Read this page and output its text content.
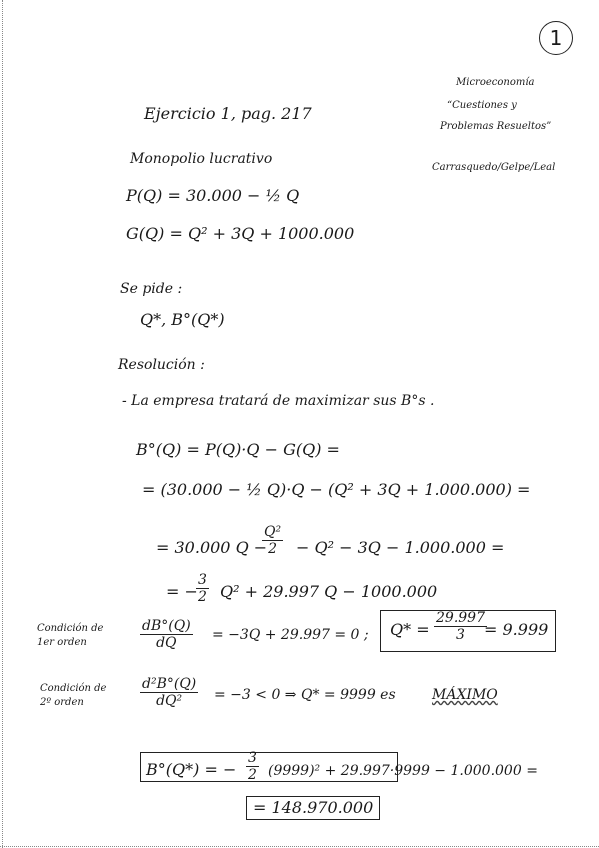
1
Microeconomía
“Cuestiones y
Problemas Resueltos”
Carrasquedo/Gelpe/Leal
Ejercicio 1, pag. 217
Monopolio lucrativo
P(Q) = 30.000 − ½ Q
G(Q) = Q² + 3Q + 1000.000
Se pide :
Q*, B°(Q*)
Resolución :
- La empresa tratará de maximizar sus B°s .
B°(Q) = P(Q)·Q − G(Q) =
= (30.000 − ½ Q)·Q − (Q² + 3Q + 1.000.000) =
= 30.000 Q −
$\frac{\text{Q²}}{2} - Q^2 - 3Q - 1.000.000$ =
= −
$\frac{3}{2} Q^2 + 29.997$ Q − 1000.000
Condición de
1er orden	$\frac{dB^\circ(Q)}{dQ} = -3Q + 29.997 = 0$ ; $Q* = \frac{29.997}{3}$
= 9.999
Condición de
2º orden	$\frac{\text{d²B°(Q)}}{\text{dQ²}} = -3 < 0$ ⇒ Q* = 9999 es	MÁXIMO
B°(Q*) = − $\frac{3}{2} (9999)^2 + 29.997\cdot 9999 - 1.000.000$ =
= 148.970.000
